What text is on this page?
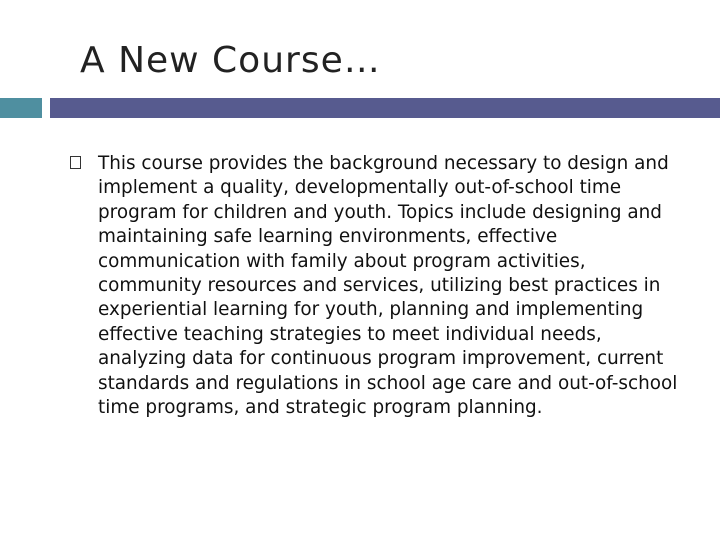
A New Course…
This course provides the background necessary to design and implement a quality, developmentally out-of-school time program for children and youth. Topics include designing and maintaining safe learning environments, effective communication with family about program activities, community resources and services, utilizing best practices in experiential learning for youth, planning and implementing effective teaching strategies to meet individual needs, analyzing data for continuous program improvement, current standards and regulations in school age care and out-of-school time programs, and strategic program planning.
